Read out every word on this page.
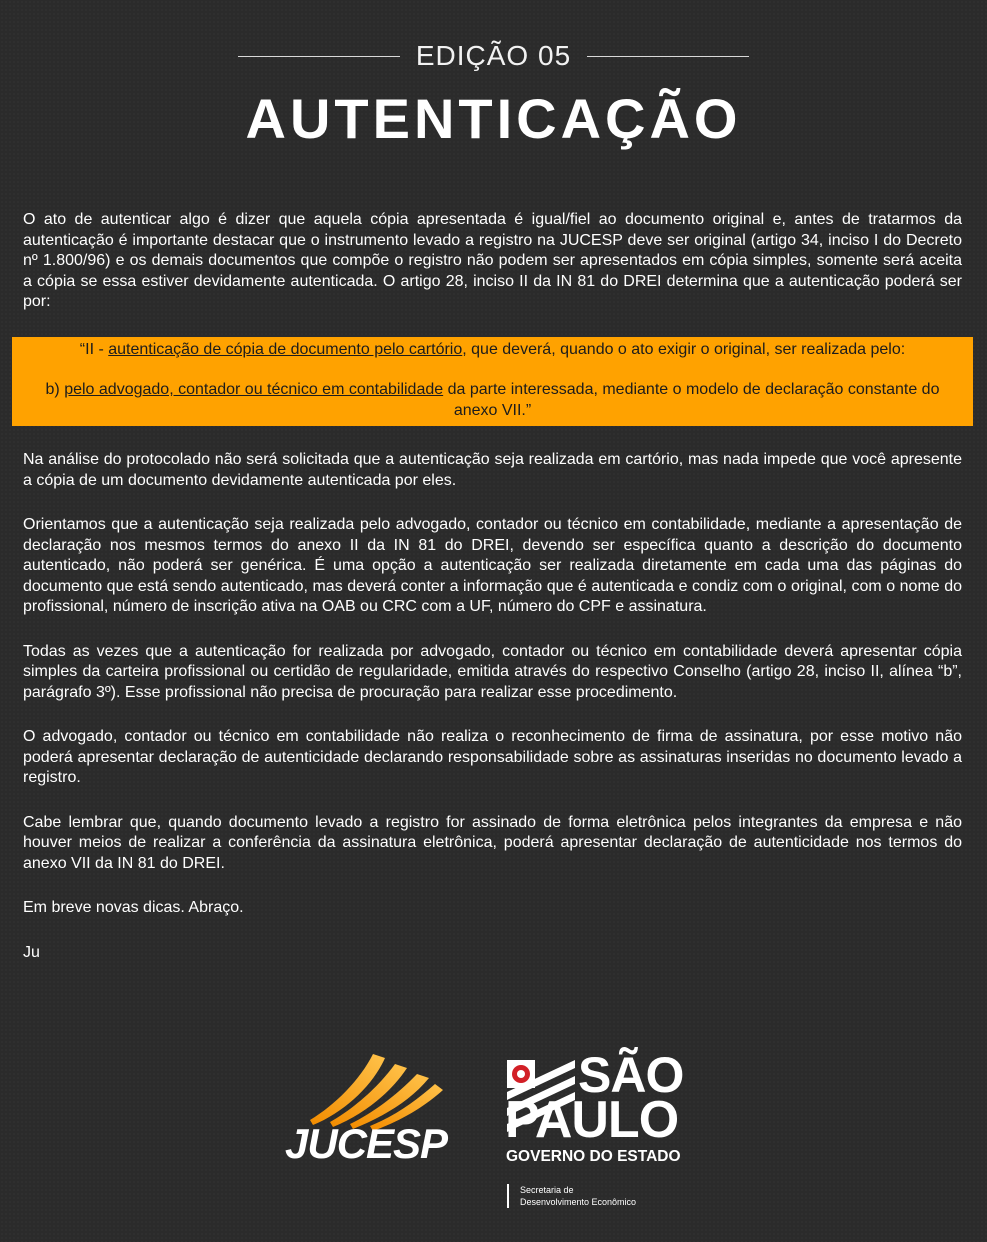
EDIÇÃO 05
AUTENTICAÇÃO

O ato de autenticar algo é dizer que aquela cópia apresentada é igual/fiel ao documento original e, antes de tratarmos da autenticação é importante destacar que o instrumento levado a registro na JUCESP deve ser original (artigo 34, inciso I do Decreto nº 1.800/96) e os demais documentos que compõe o registro não podem ser apresentados em cópia simples, somente será aceita a cópia se essa estiver devidamente autenticada. O artigo 28, inciso II da IN 81 do DREI determina que a autenticação poderá ser por:

“II - autenticação de cópia de documento pelo cartório, que deverá, quando o ato exigir o original, ser realizada pelo:

b) pelo advogado, contador ou técnico em contabilidade da parte interessada, mediante o modelo de declaração constante do anexo VII.”

Na análise do protocolado não será solicitada que a autenticação seja realizada em cartório, mas nada impede que você apresente a cópia de um documento devidamente autenticada por eles.

Orientamos que a autenticação seja realizada pelo advogado, contador ou técnico em contabilidade, mediante a apresentação de declaração nos mesmos termos do anexo II da IN 81 do DREI, devendo ser específica quanto a descrição do documento autenticado, não poderá ser genérica. É uma opção a autenticação ser realizada diretamente em cada uma das páginas do documento que está sendo autenticado, mas deverá conter a informação que é autenticada e condiz com o original, com o nome do profissional, número de inscrição ativa na OAB ou CRC com a UF, número do CPF e assinatura.

Todas as vezes que a autenticação for realizada por advogado, contador ou técnico em contabilidade deverá apresentar cópia simples da carteira profissional ou certidão de regularidade, emitida através do respectivo Conselho (artigo 28, inciso II, alínea “b”, parágrafo 3º). Esse profissional não precisa de procuração para realizar esse procedimento.

O advogado, contador ou técnico em contabilidade não realiza o reconhecimento de firma de assinatura, por esse motivo não poderá apresentar declaração de autenticidade declarando responsabilidade sobre as assinaturas inseridas no documento levado a registro.

Cabe lembrar que, quando documento levado a registro for assinado de forma eletrônica pelos integrantes da empresa e não houver meios de realizar a conferência da assinatura eletrônica, poderá apresentar declaração de autenticidade nos termos do anexo VII da IN 81 do DREI.

Em breve novas dicas. Abraço.

Ju

JUCESP
SÃO
PAULO
GOVERNO DO ESTADO
Secretaria de
Desenvolvimento Econômico
